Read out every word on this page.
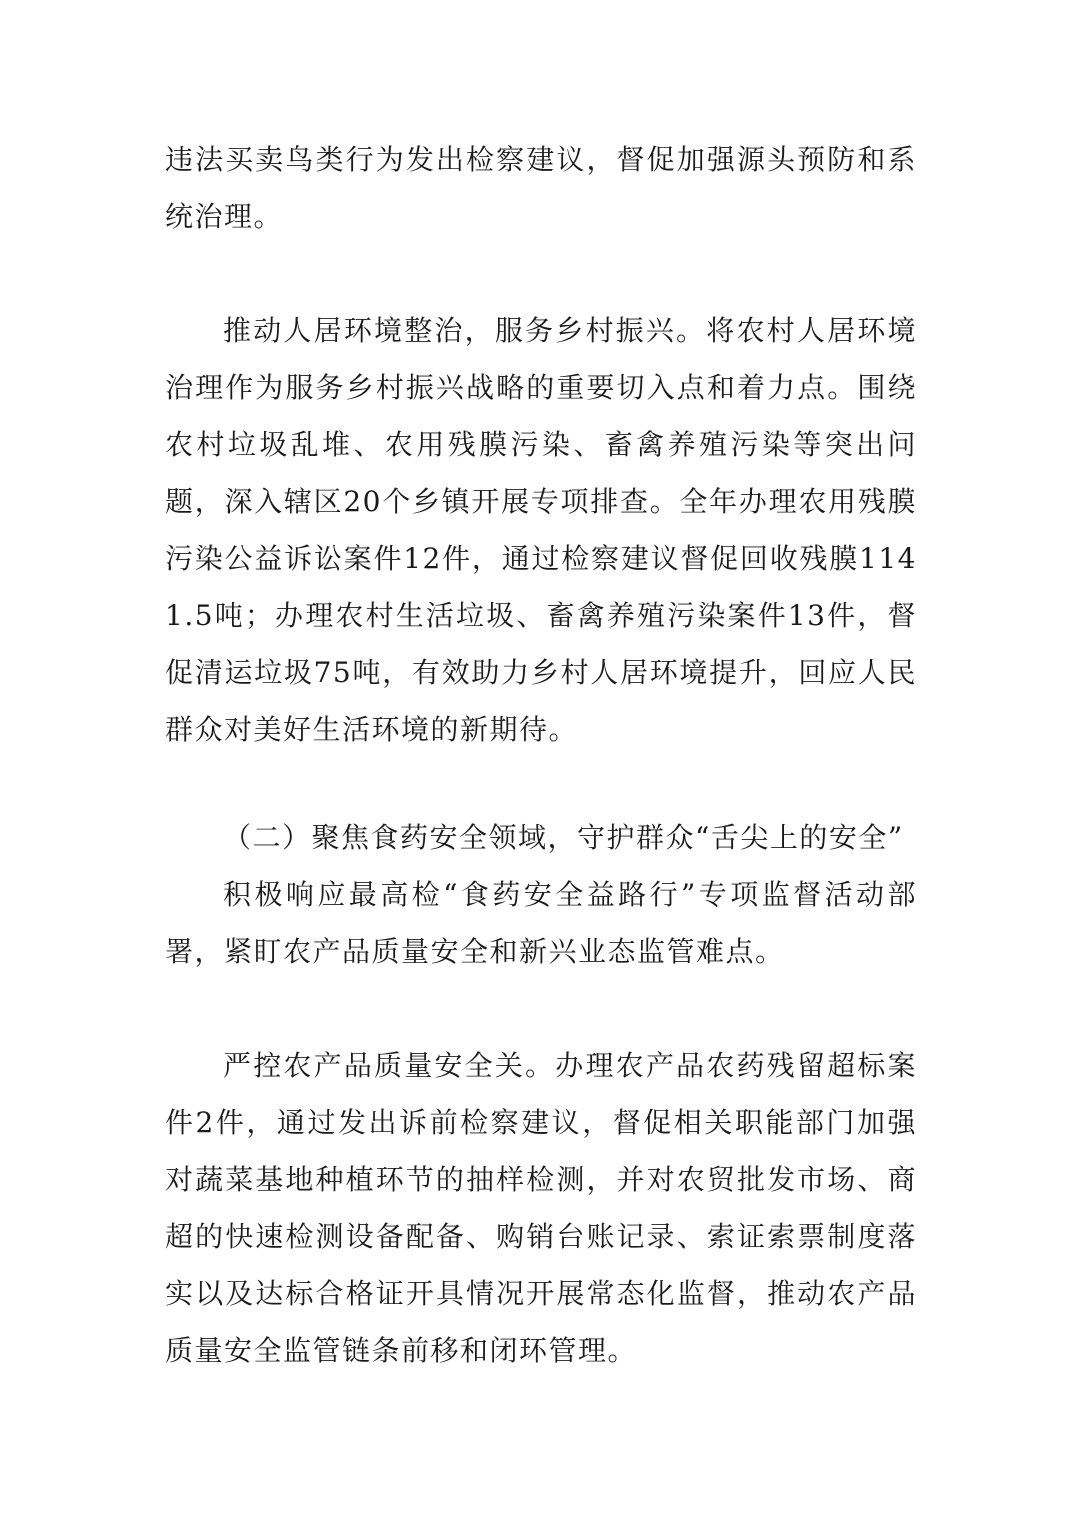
违法买卖鸟类行为发出检察建议，督促加强源头预防和系统治理。

推动人居环境整治，服务乡村振兴。将农村人居环境治理作为服务乡村振兴战略的重要切入点和着力点。围绕农村垃圾乱堆、农用残膜污染、畜禽养殖污染等突出问题，深入辖区20个乡镇开展专项排查。全年办理农用残膜污染公益诉讼案件12件，通过检察建议督促回收残膜1141.5吨；办理农村生活垃圾、畜禽养殖污染案件13件，督促清运垃圾75吨，有效助力乡村人居环境提升，回应人民群众对美好生活环境的新期待。

（二）聚焦食药安全领域，守护群众“舌尖上的安全”

积极响应最高检“食药安全益路行”专项监督活动部署，紧盯农产品质量安全和新兴业态监管难点。

严控农产品质量安全关。办理农产品农药残留超标案件2件，通过发出诉前检察建议，督促相关职能部门加强对蔬菜基地种植环节的抽样检测，并对农贸批发市场、商超的快速检测设备配备、购销台账记录、索证索票制度落实以及达标合格证开具情况开展常态化监督，推动农产品质量安全监管链条前移和闭环管理。
